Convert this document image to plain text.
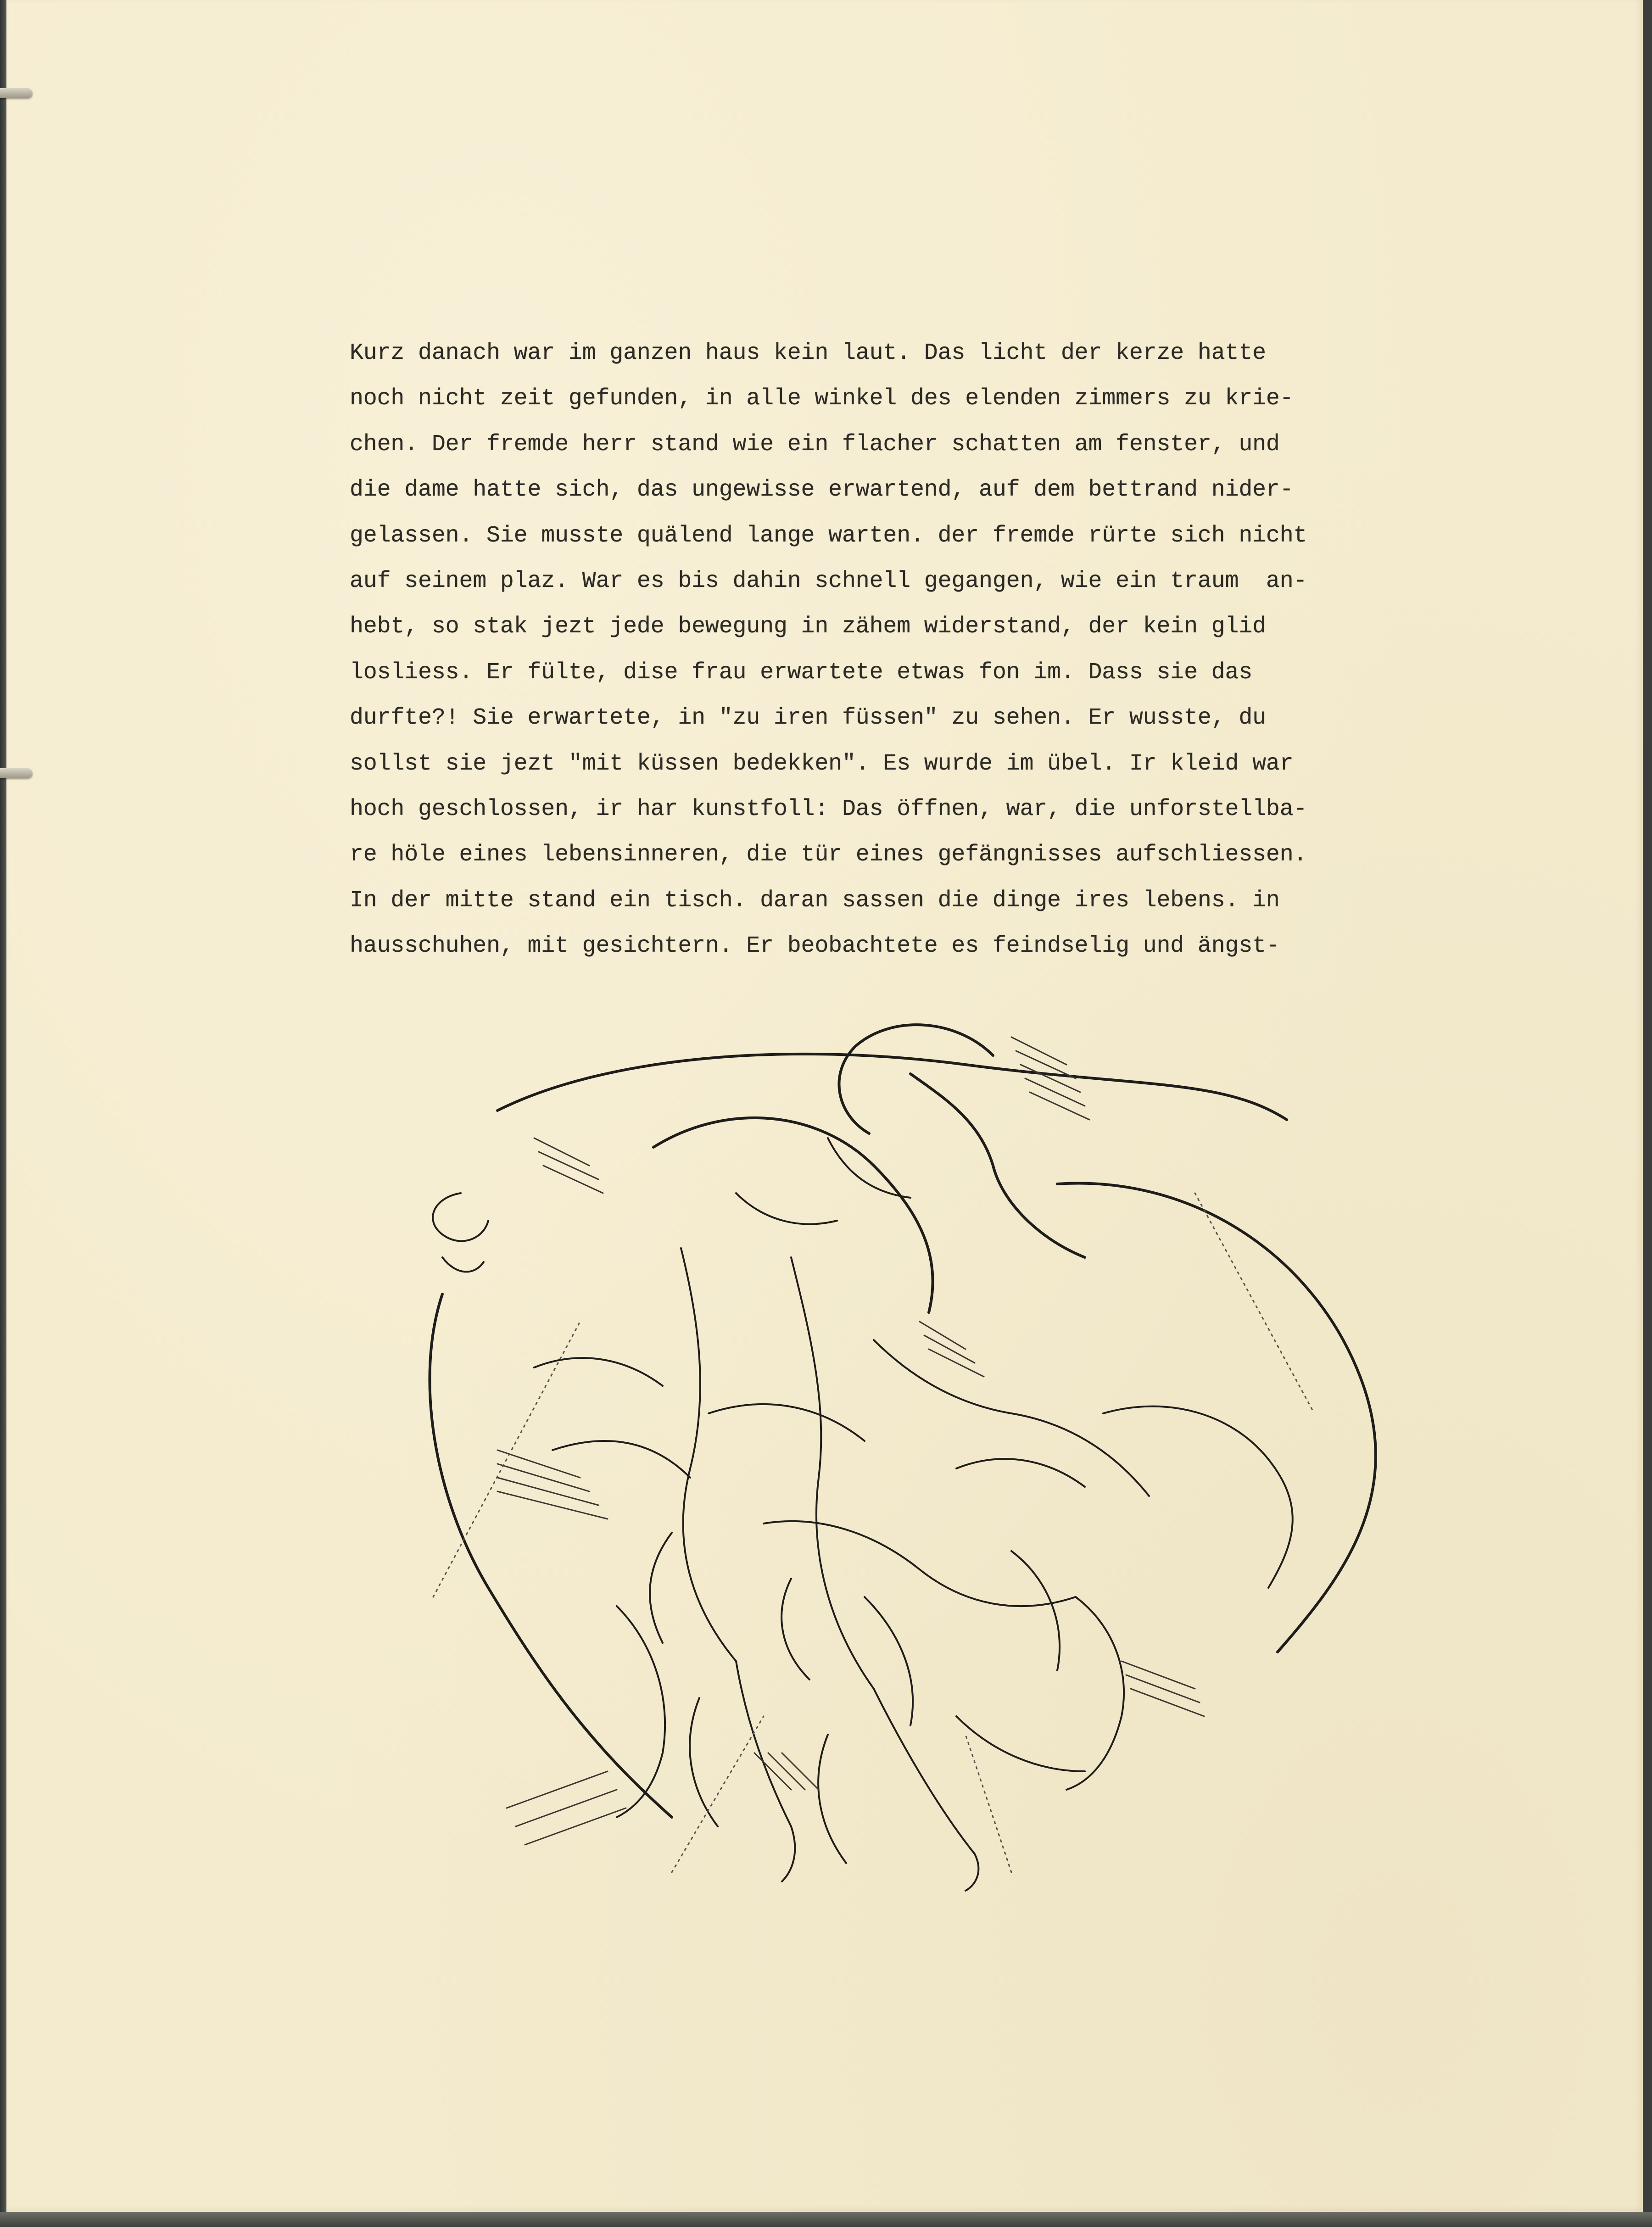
Kurz danach war im ganzen haus kein laut. Das licht der kerze hatte
noch nicht zeit gefunden, in alle winkel des elenden zimmers zu krie-
chen. Der fremde herr stand wie ein flacher schatten am fenster, und
die dame hatte sich, das ungewisse erwartend, auf dem bettrand nider-
gelassen. Sie musste quälend lange warten. der fremde rürte sich nicht
auf seinem plaz. War es bis dahin schnell gegangen, wie ein traum  an-
hebt, so stak jezt jede bewegung in zähem widerstand, der kein glid
losliess. Er fülte, dise frau erwartete etwas fon im. Dass sie das
durfte?! Sie erwartete, in "zu iren füssen" zu sehen. Er wusste, du
sollst sie jezt "mit küssen bedekken". Es wurde im übel. Ir kleid war
hoch geschlossen, ir har kunstfoll: Das öffnen, war, die unforstellba-
re höle eines lebensinneren, die tür eines gefängnisses aufschliessen.
In der mitte stand ein tisch. daran sassen die dinge ires lebens. in
hausschuhen, mit gesichtern. Er beobachtete es feindselig und ängst-
